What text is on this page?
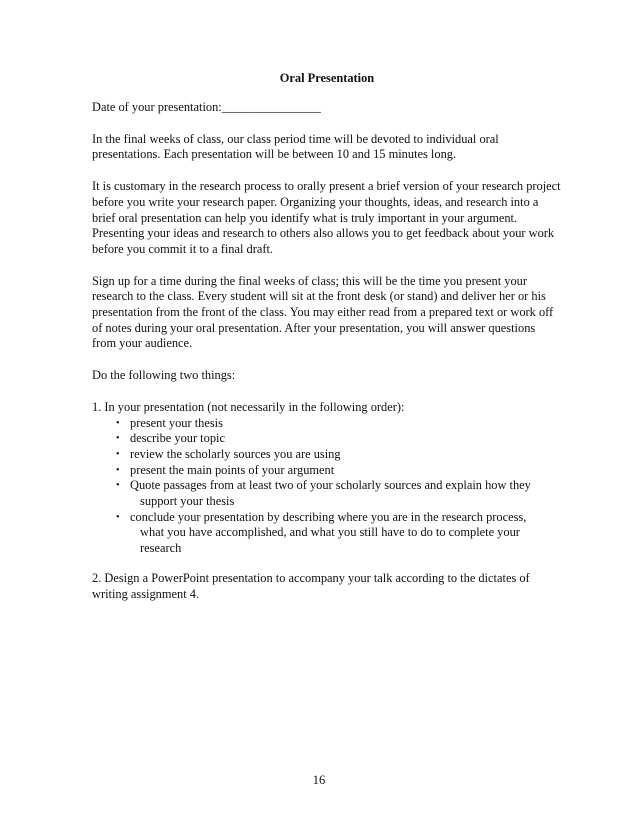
Oral Presentation

Date of your presentation:________________

In the final weeks of class, our class period time will be devoted to individual oral presentations. Each presentation will be between 10 and 15 minutes long.

It is customary in the research process to orally present a brief version of your research project before you write your research paper. Organizing your thoughts, ideas, and research into a brief oral presentation can help you identify what is truly important in your argument. Presenting your ideas and research to others also allows you to get feedback about your work before you commit it to a final draft.

Sign up for a time during the final weeks of class; this will be the time you present your research to the class. Every student will sit at the front desk (or stand) and deliver her or his presentation from the front of the class. You may either read from a prepared text or work off of notes during your oral presentation. After your presentation, you will answer questions from your audience.

Do the following two things:
1. In your presentation (not necessarily in the following order):
• present your thesis
• describe your topic
• review the scholarly sources you are using
• present the main points of your argument
• Quote passages from at least two of your scholarly sources and explain how they
support your thesis
• conclude your presentation by describing where you are in the research process,
what you have accomplished, and what you still have to do to complete your
research

2. Design a PowerPoint presentation to accompany your talk according to the dictates of writing assignment 4.

16
